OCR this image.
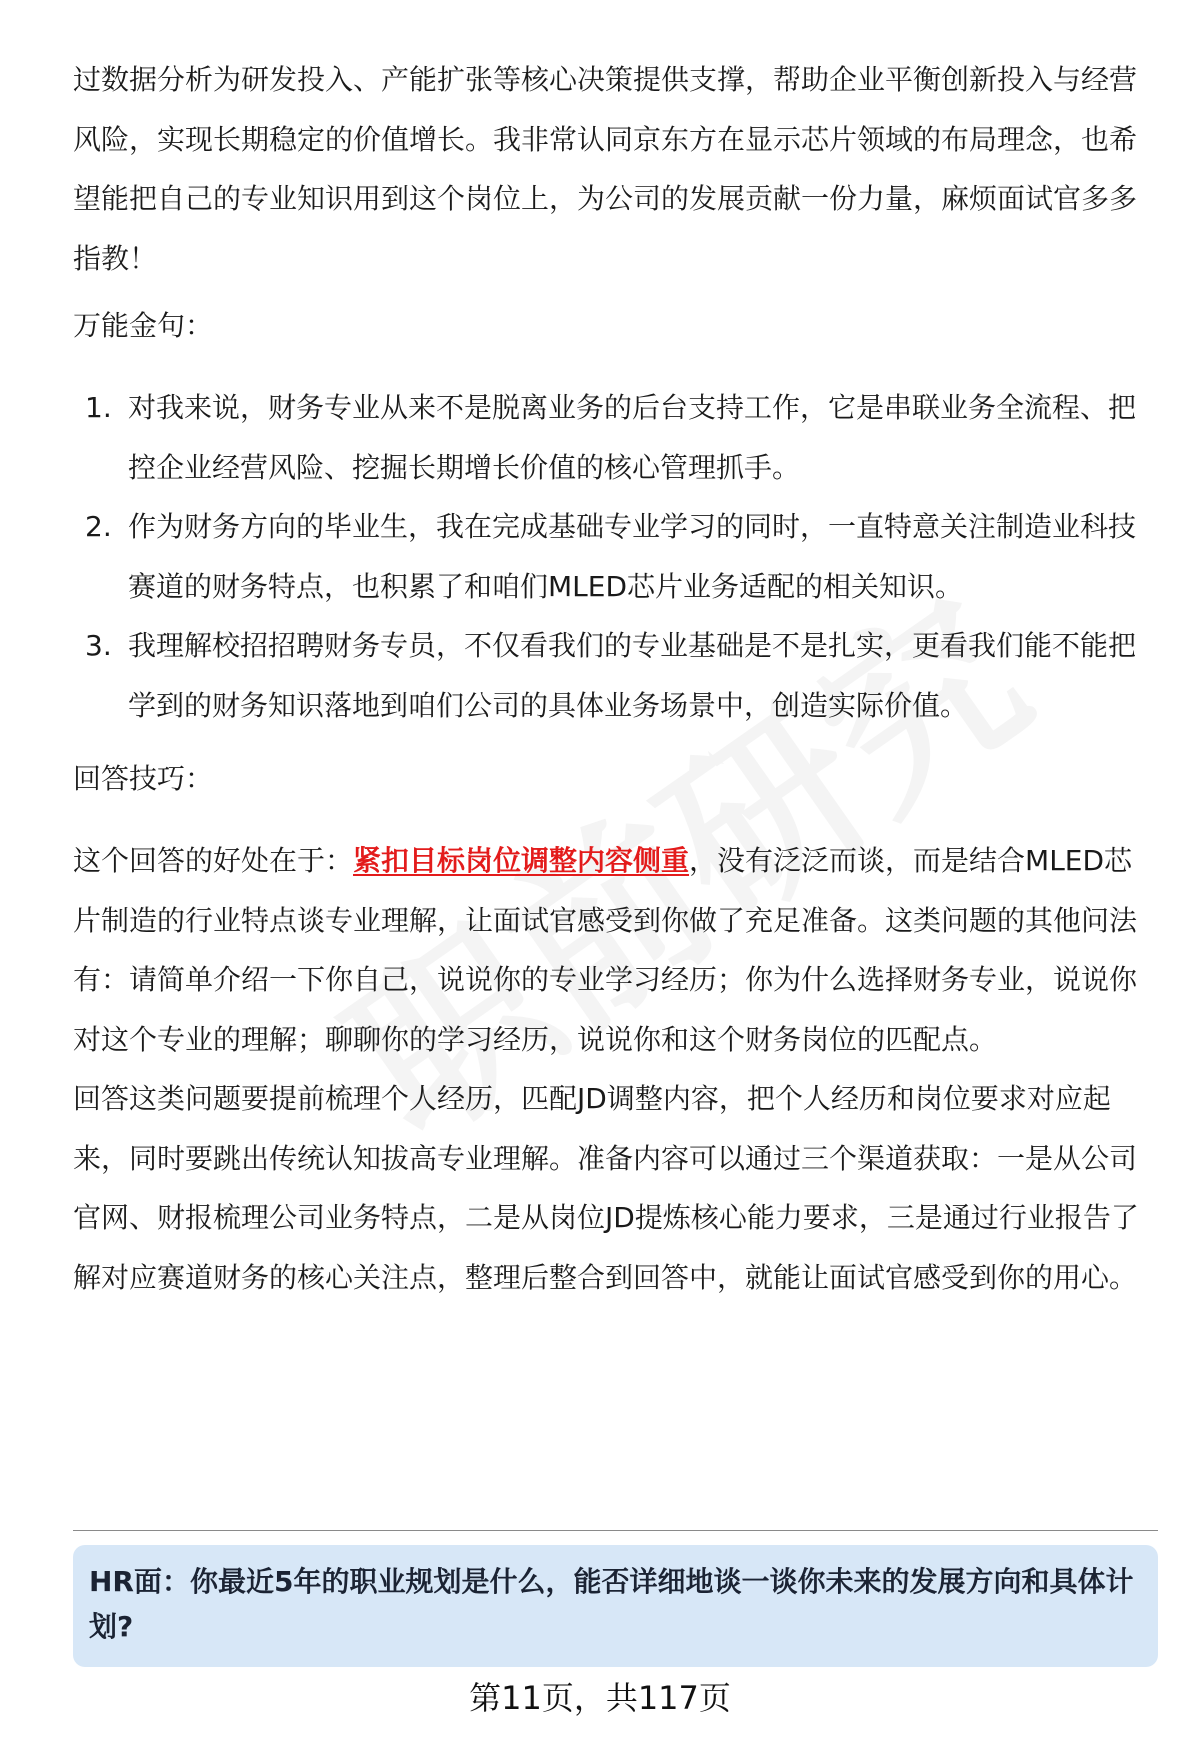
过数据分析为研发投入、产能扩张等核心决策提供支撑，帮助企业平衡创新投入与经营风险，实现长期稳定的价值增长。我非常认同京东方在显示芯片领域的布局理念，也希望能把自己的专业知识用到这个岗位上，为公司的发展贡献一份力量，麻烦面试官多多指教！

万能金句：
1. 对我来说，财务专业从来不是脱离业务的后台支持工作，它是串联业务全流程、把控企业经营风险、挖掘长期增长价值的核心管理抓手。
2. 作为财务方向的毕业生，我在完成基础专业学习的同时，一直特意关注制造业科技赛道的财务特点，也积累了和咱们MLED芯片业务适配的相关知识。
3. 我理解校招招聘财务专员，不仅看我们的专业基础是不是扎实，更看我们能不能把学到的财务知识落地到咱们公司的具体业务场景中，创造实际价值。
回答技巧：

这个回答的好处在于：紧扣目标岗位调整内容侧重，没有泛泛而谈，而是结合MLED芯片制造的行业特点谈专业理解，让面试官感受到你做了充足准备。这类问题的其他问法有：请简单介绍一下你自己，说说你的专业学习经历；你为什么选择财务专业，说说你对这个专业的理解；聊聊你的学习经历，说说你和这个财务岗位的匹配点。

回答这类问题要提前梳理个人经历，匹配JD调整内容，把个人经历和岗位要求对应起来，同时要跳出传统认知拔高专业理解。准备内容可以通过三个渠道获取：一是从公司官网、财报梳理公司业务特点，二是从岗位JD提炼核心能力要求，三是通过行业报告了解对应赛道财务的核心关注点，整理后整合到回答中，就能让面试官感受到你的用心。

HR面：你最近5年的职业规划是什么，能否详细地谈一谈你未来的发展方向和具体计划?

第11页，共117页
